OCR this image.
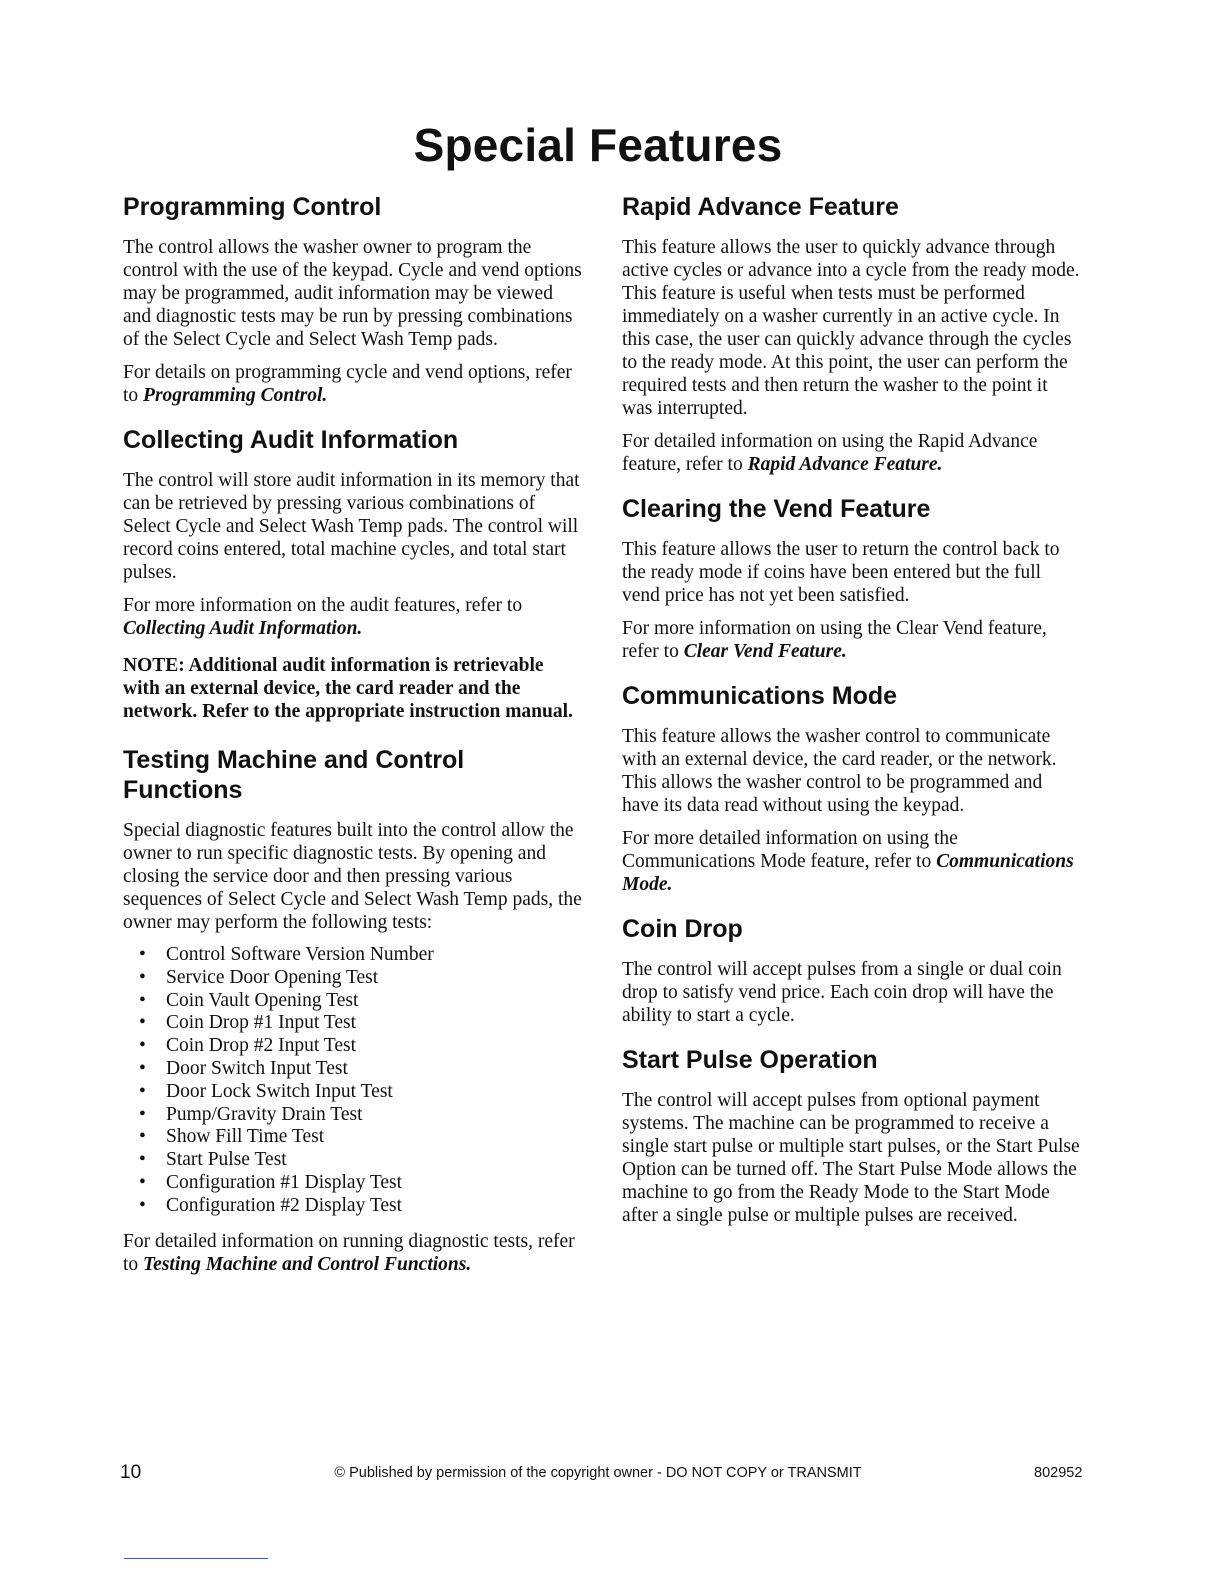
Special Features
Programming Control

The control allows the washer owner to program the control with the use of the keypad. Cycle and vend options may be programmed, audit information may be viewed and diagnostic tests may be run by pressing combinations of the Select Cycle and Select Wash Temp pads.

For details on programming cycle and vend options, refer to Programming Control.

Collecting Audit Information

The control will store audit information in its memory that can be retrieved by pressing various combinations of Select Cycle and Select Wash Temp pads. The control will record coins entered, total machine cycles, and total start pulses.

For more information on the audit features, refer to Collecting Audit Information.

NOTE: Additional audit information is retrievable with an external device, the card reader and the network. Refer to the appropriate instruction manual.

Testing Machine and Control Functions

Special diagnostic features built into the control allow the owner to run specific diagnostic tests. By opening and closing the service door and then pressing various sequences of Select Cycle and Select Wash Temp pads, the owner may perform the following tests:

•	Control Software Version Number
•	Service Door Opening Test
•	Coin Vault Opening Test
•	Coin Drop #1 Input Test
•	Coin Drop #2 Input Test
•	Door Switch Input Test
•	Door Lock Switch Input Test
•	Pump/Gravity Drain Test
•	Show Fill Time Test
•	Start Pulse Test
•	Configuration #1 Display Test
•	Configuration #2 Display Test

For detailed information on running diagnostic tests, refer to Testing Machine and Control Functions.

Rapid Advance Feature

This feature allows the user to quickly advance through active cycles or advance into a cycle from the ready mode. This feature is useful when tests must be performed immediately on a washer currently in an active cycle. In this case, the user can quickly advance through the cycles to the ready mode. At this point, the user can perform the required tests and then return the washer to the point it was interrupted.

For detailed information on using the Rapid Advance feature, refer to Rapid Advance Feature.

Clearing the Vend Feature

This feature allows the user to return the control back to the ready mode if coins have been entered but the full vend price has not yet been satisfied.

For more information on using the Clear Vend feature, refer to Clear Vend Feature.

Communications Mode

This feature allows the washer control to communicate with an external device, the card reader, or the network. This allows the washer control to be programmed and have its data read without using the keypad.

For more detailed information on using the Communications Mode feature, refer to Communications Mode.

Coin Drop

The control will accept pulses from a single or dual coin drop to satisfy vend price. Each coin drop will have the ability to start a cycle.

Start Pulse Operation

The control will accept pulses from optional payment systems. The machine can be programmed to receive a single start pulse or multiple start pulses, or the Start Pulse Option can be turned off. The Start Pulse Mode allows the machine to go from the Ready Mode to the Start Mode after a single pulse or multiple pulses are received.

10	© Published by permission of the copyright owner - DO NOT COPY or TRANSMIT	802952
